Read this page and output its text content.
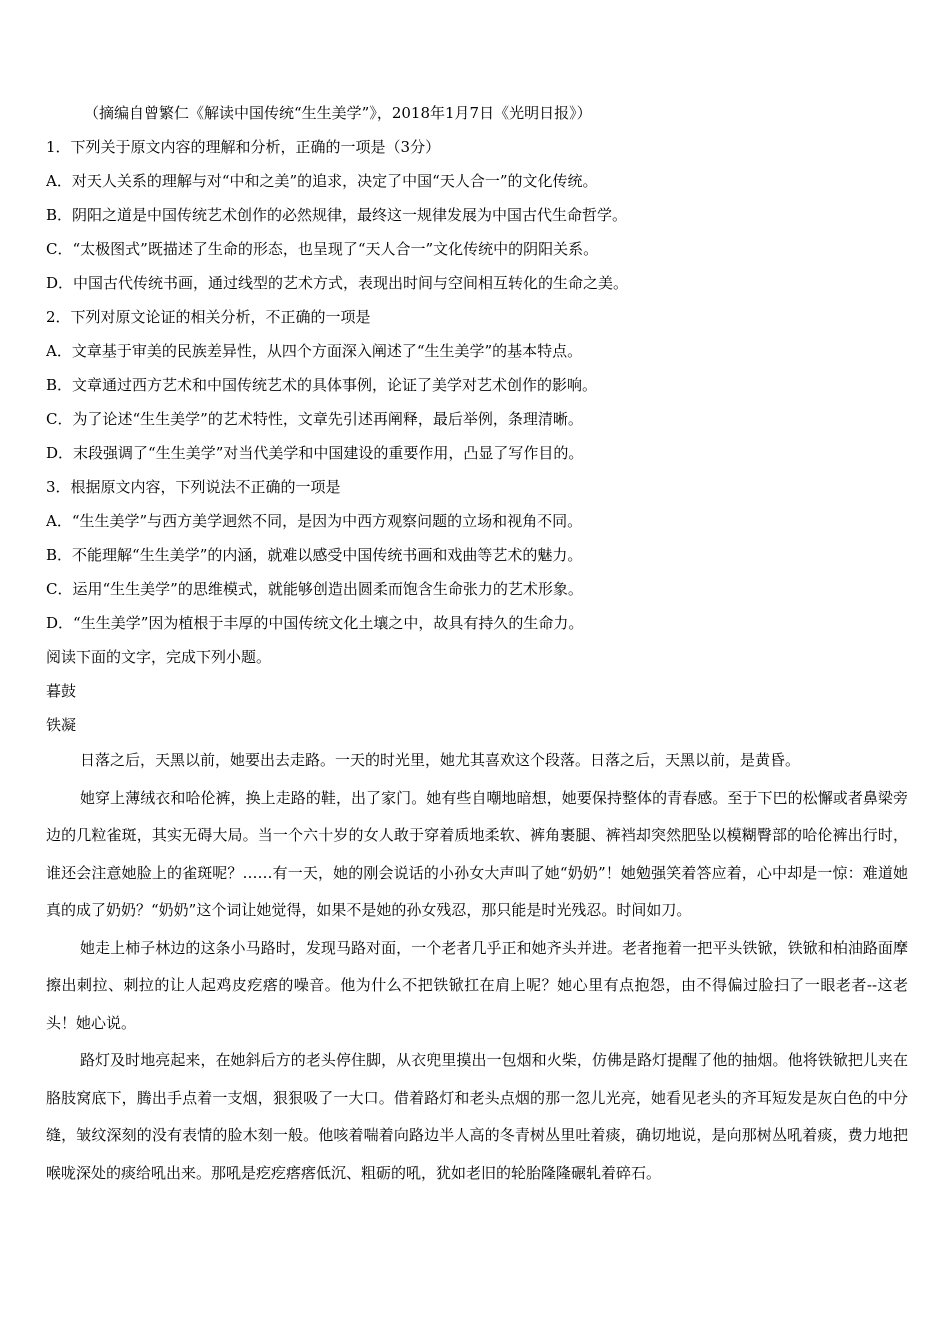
（摘编自曾繁仁《解读中国传统“生生美学”》，2018年1月7日《光明日报》）
1．下列关于原文内容的理解和分析，正确的一项是（3分）
A．对天人关系的理解与对“中和之美”的追求，决定了中国“天人合一”的文化传统。
B．阴阳之道是中国传统艺术创作的必然规律，最终这一规律发展为中国古代生命哲学。
C．“太极图式”既描述了生命的形态，也呈现了“天人合一”文化传统中的阴阳关系。
D．中国古代传统书画，通过线型的艺术方式，表现出时间与空间相互转化的生命之美。
2．下列对原文论证的相关分析，不正确的一项是
A．文章基于审美的民族差异性，从四个方面深入阐述了“生生美学”的基本特点。
B．文章通过西方艺术和中国传统艺术的具体事例，论证了美学对艺术创作的影响。
C．为了论述“生生美学”的艺术特性，文章先引述再阐释，最后举例，条理清晰。
D．末段强调了“生生美学”对当代美学和中国建设的重要作用，凸显了写作目的。
3．根据原文内容，下列说法不正确的一项是
A．“生生美学”与西方美学迥然不同，是因为中西方观察问题的立场和视角不同。
B．不能理解“生生美学”的内涵，就难以感受中国传统书画和戏曲等艺术的魅力。
C．运用“生生美学”的思维模式，就能够创造出圆柔而饱含生命张力的艺术形象。
D．“生生美学”因为植根于丰厚的中国传统文化土壤之中，故具有持久的生命力。
阅读下面的文字，完成下列小题。
暮鼓
铁凝
日落之后，天黑以前，她要出去走路。一天的时光里，她尤其喜欢这个段落。日落之后，天黑以前，是黄昏。
她穿上薄绒衣和哈伦裤，换上走路的鞋，出了家门。她有些自嘲地暗想，她要保持整体的青春感。至于下巴的松懈或者鼻梁旁边的几粒雀斑，其实无碍大局。当一个六十岁的女人敢于穿着质地柔软、裤角裹腿、裤裆却突然肥坠以模糊臀部的哈伦裤出行时，谁还会注意她脸上的雀斑呢？……有一天，她的刚会说话的小孙女大声叫了她“奶奶”！她勉强笑着答应着，心中却是一惊：难道她真的成了奶奶？“奶奶”这个词让她觉得，如果不是她的孙女残忍，那只能是时光残忍。时间如刀。
她走上柿子林边的这条小马路时，发现马路对面，一个老者几乎正和她齐头并进。老者拖着一把平头铁锨，铁锨和柏油路面摩擦出刺拉、刺拉的让人起鸡皮疙瘩的噪音。他为什么不把铁锨扛在肩上呢？她心里有点抱怨，由不得偏过脸扫了一眼老者--这老头！她心说。
路灯及时地亮起来，在她斜后方的老头停住脚，从衣兜里摸出一包烟和火柴，仿佛是路灯提醒了他的抽烟。他将铁锨把儿夹在胳肢窝底下，腾出手点着一支烟，狠狠吸了一大口。借着路灯和老头点烟的那一忽儿光亮，她看见老头的齐耳短发是灰白色的中分缝，皱纹深刻的没有表情的脸木刻一般。他咳着喘着向路边半人高的冬青树丛里吐着痰，确切地说，是向那树丛吼着痰，费力地把喉咙深处的痰给吼出来。那吼是疙疙瘩瘩低沉、粗砺的吼，犹如老旧的轮胎隆隆碾轧着碎石。
